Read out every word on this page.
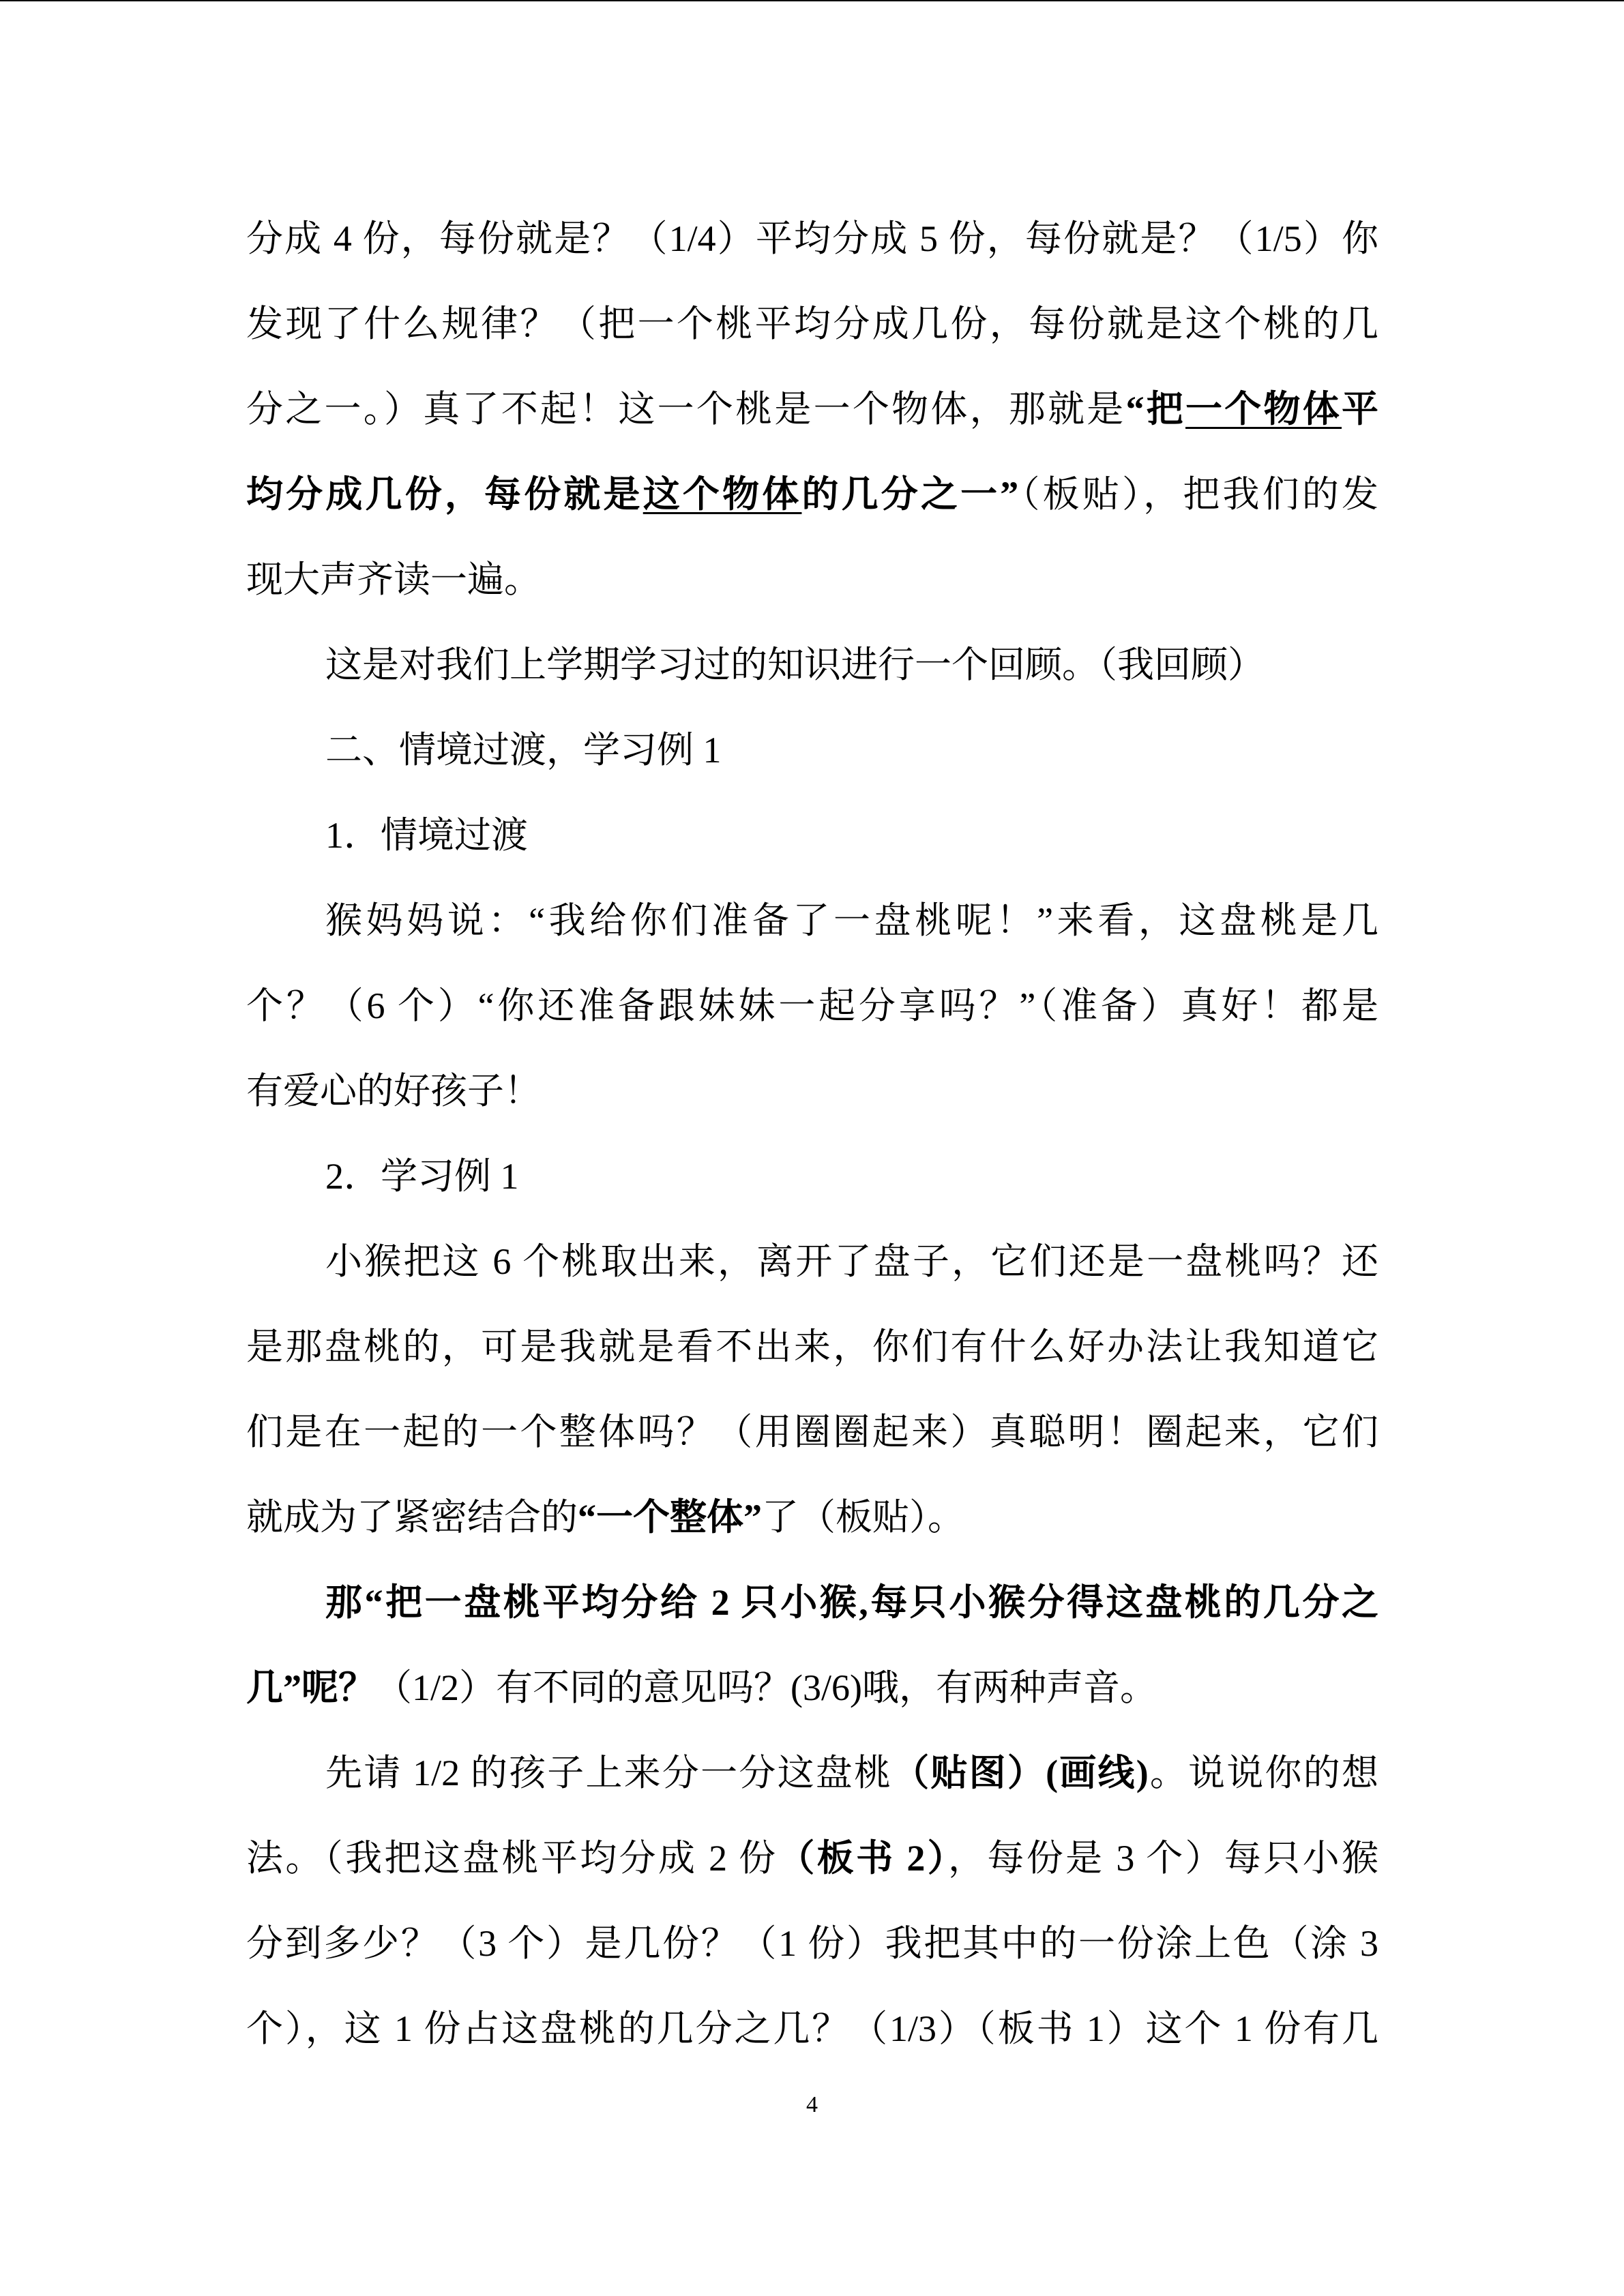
分成 4 份，每份就是？（1/4）平均分成 5 份，每份就是？（1/5）你
发现了什么规律？（把一个桃平均分成几份，每份就是这个桃的几
分之一。）真了不起！这一个桃是一个物体，那就是“把一个物体平
均分成几份，每份就是这个物体的几分之一”（板贴），把我们的发
现大声齐读一遍。
这是对我们上学期学习过的知识进行一个回顾。（我回顾）
二、情境过渡，学习例 1
1．情境过渡
猴妈妈说：“我给你们准备了一盘桃呢！”来看，这盘桃是几
个？（6 个）“你还准备跟妹妹一起分享吗？”（准备）真好！都是
有爱心的好孩子！
2．学习例 1
小猴把这 6 个桃取出来，离开了盘子，它们还是一盘桃吗？还
是那盘桃的，可是我就是看不出来，你们有什么好办法让我知道它
们是在一起的一个整体吗？（用圈圈起来）真聪明！圈起来，它们
就成为了紧密结合的“一个整体”了（板贴）。
那“把一盘桃平均分给 2 只小猴,每只小猴分得这盘桃的几分之
几”呢？（1/2）有不同的意见吗？(3/6)哦，有两种声音。
先请 1/2 的孩子上来分一分这盘桃（贴图）(画线)。说说你的想
法。（我把这盘桃平均分成 2 份（板书 2），每份是 3 个）每只小猴
分到多少？（3 个）是几份？（1 份）我把其中的一份涂上色（涂 3
个），这 1 份占这盘桃的几分之几？（1/3）（板书 1）这个 1 份有几
4
